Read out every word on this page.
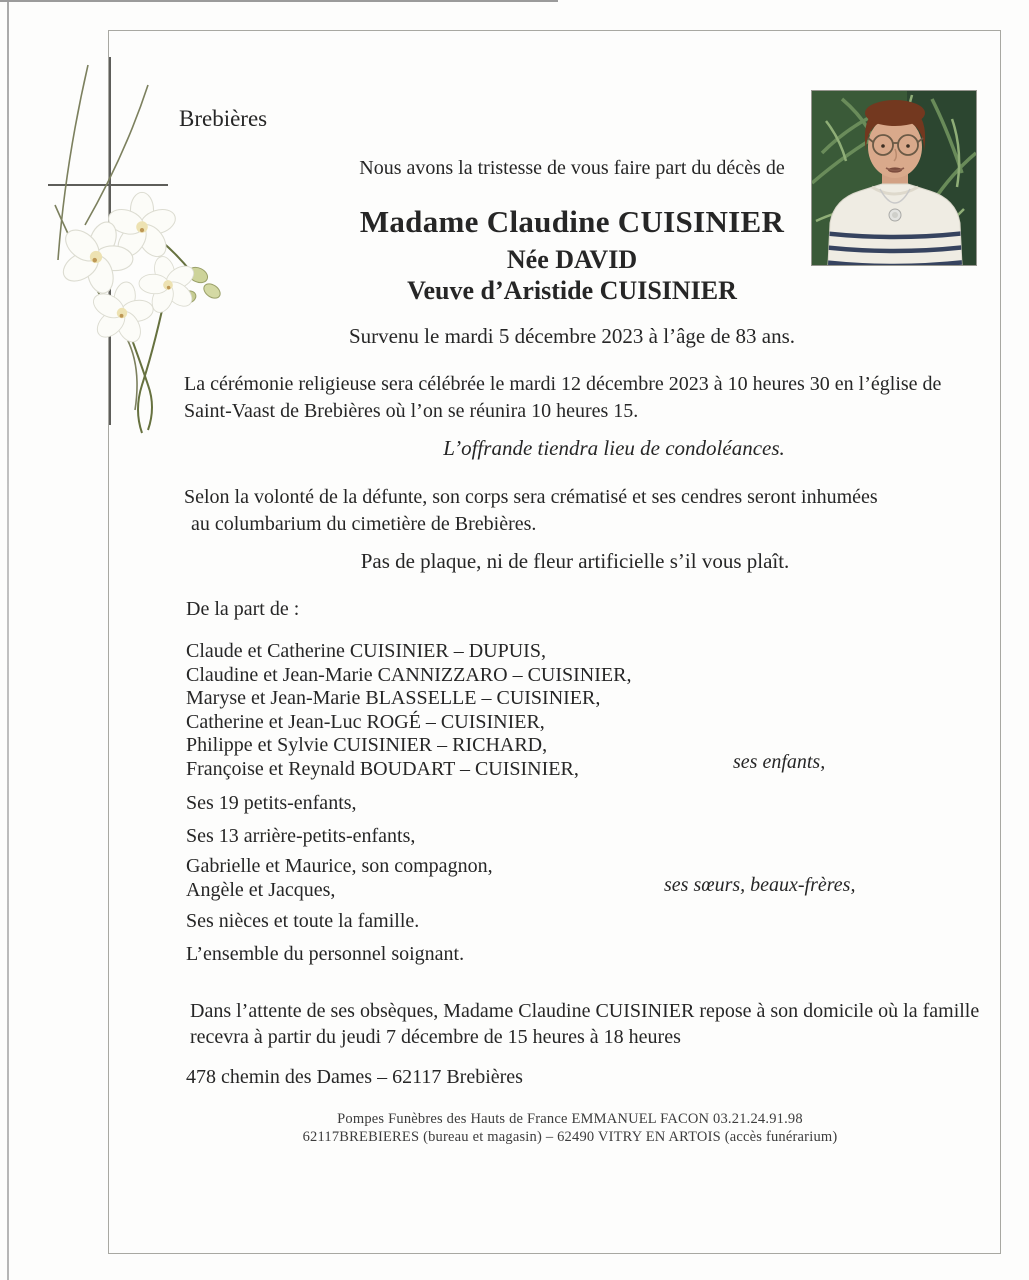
Brebières
Nous avons la tristesse de vous faire part du décès de
Madame Claudine CUISINIER
Née DAVID
Veuve d’Aristide CUISINIER
Survenu le mardi 5 décembre 2023 à l’âge de 83 ans.
La cérémonie religieuse sera célébrée le mardi 12 décembre 2023 à 10 heures 30 en l’église de
Saint-Vaast de Brebières où l’on se réunira 10 heures 15.
L’offrande tiendra lieu de condoléances.
Selon la volonté de la défunte, son corps sera crématisé et ses cendres seront inhumées
au columbarium du cimetière de Brebières.
Pas de plaque, ni de fleur artificielle s’il vous plaît.
De la part de :
Claude et Catherine CUISINIER – DUPUIS,
Claudine et Jean-Marie CANNIZZARO – CUISINIER,
Maryse et Jean-Marie BLASSELLE – CUISINIER,
Catherine et Jean-Luc ROGÉ – CUISINIER,
Philippe et Sylvie CUISINIER – RICHARD,
Françoise et Reynald BOUDART – CUISINIER,	ses enfants,
Ses 19 petits-enfants,
Ses 13 arrière-petits-enfants,
Gabrielle et Maurice, son compagnon,
Angèle et Jacques,	ses sœurs, beaux-frères,
Ses nièces et toute la famille.
L’ensemble du personnel soignant.
Dans l’attente de ses obsèques, Madame Claudine CUISINIER repose à son domicile où la famille
recevra à partir du jeudi 7 décembre de 15 heures à 18 heures
478 chemin des Dames – 62117 Brebières
Pompes Funèbres des Hauts de France EMMANUEL FACON 03.21.24.91.98
62117BREBIERES (bureau et magasin) – 62490 VITRY EN ARTOIS (accès funérarium)
